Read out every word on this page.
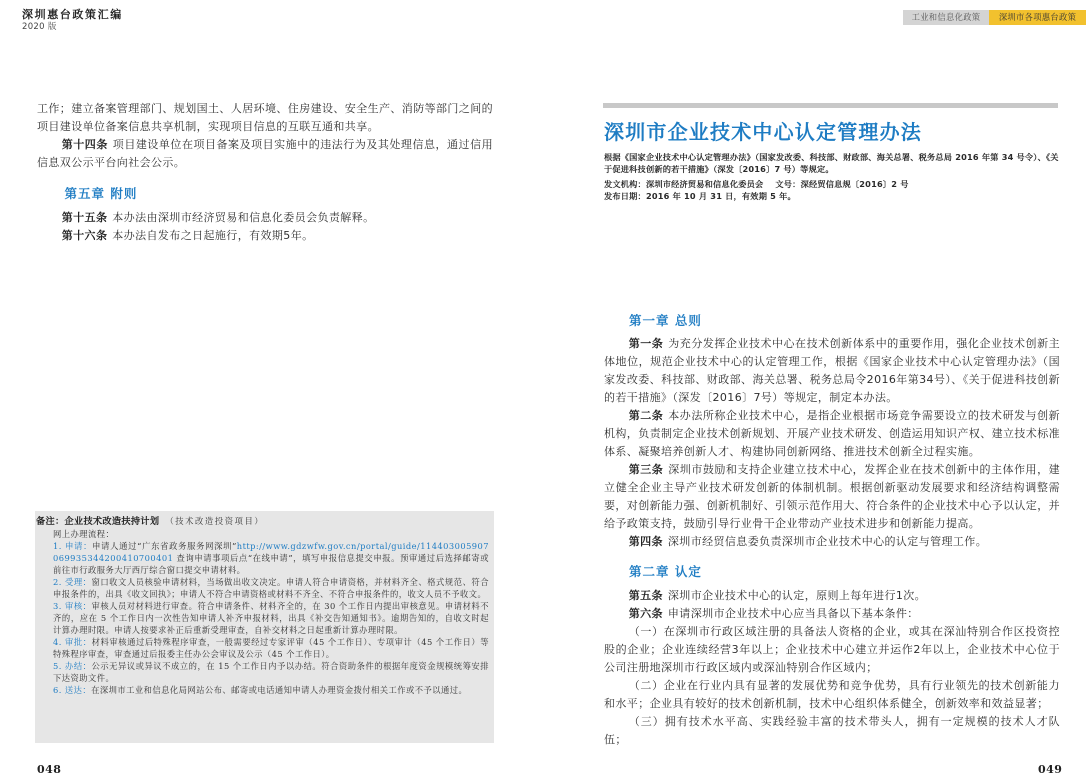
深圳惠台政策汇编
2020 版
工业和信息化政策	深圳市各项惠台政策

工作；建立备案管理部门、规划国土、人居环境、住房建设、安全生产、消防等部门之间的项目建设单位备案信息共享机制，实现项目信息的互联互通和共享。

第十四条 项目建设单位在项目备案及项目实施中的违法行为及其处理信息，通过信用信息双公示平台向社会公示。

第五章 附则

第十五条 本办法由深圳市经济贸易和信息化委员会负责解释。

第十六条 本办法自发布之日起施行，有效期5年。

备注：企业技术改造扶持计划 （技术改造投资项目）
网上办理流程：
1. 申请：申请人通过“广东省政务服务网深圳”http://www.gdzwfw.gov.cn/portal/guide/114403005907069935344200410700401 查询申请事项后点“在线申请”，填写申报信息提交申报。预审通过后选择邮寄或前往市行政服务大厅西厅综合窗口提交申请材料。
2. 受理：窗口收文人员核验申请材料，当场做出收文决定。申请人符合申请资格，并材料齐全、格式规范、符合申报条件的，出具《收文回执》；申请人不符合申请资格或材料不齐全、不符合申报条件的，收文人员不予收文。
3. 审核：审核人员对材料进行审查。符合申请条件、材料齐全的，在 30 个工作日内提出审核意见。申请材料不齐的，应在 5 个工作日内一次性告知申请人补齐申报材料，出具《补交告知通知书》。逾期告知的，自收文时起计算办理时限。申请人按要求补正后重新受理审查，自补交材料之日起重新计算办理时限。
4. 审批：材料审核通过后特殊程序审查，一般需要经过专家评审（45 个工作日）、专项审计（45 个工作日）等特殊程序审查，审查通过后报委主任办公会审议及公示（45 个工作日）。
5. 办结：公示无异议或异议不成立的，在 15 个工作日内予以办结。符合资助条件的根据年度资金规模统筹安排下达资助文件。
6. 送达：在深圳市工业和信息化局网站公布、邮寄或电话通知申请人办理资金拨付相关工作或不予以通过。
048
深圳市企业技术中心认定管理办法
根据《国家企业技术中心认定管理办法》（国家发改委、科技部、财政部、海关总署、税务总局 2016 年第 34 号令）、《关于促进科技创新的若干措施》（深发〔2016〕7 号）等规定。
发文机构：深圳市经济贸易和信息化委员会 文号：深经贸信息规〔2016〕2 号
发布日期：2016 年 10 月 31 日，有效期 5 年。
第一章 总则

第一条 为充分发挥企业技术中心在技术创新体系中的重要作用，强化企业技术创新主体地位，规范企业技术中心的认定管理工作，根据《国家企业技术中心认定管理办法》（国家发改委、科技部、财政部、海关总署、税务总局令2016年第34号）、《关于促进科技创新的若干措施》（深发〔2016〕7号）等规定，制定本办法。

第二条 本办法所称企业技术中心，是指企业根据市场竞争需要设立的技术研发与创新机构，负责制定企业技术创新规划、开展产业技术研发、创造运用知识产权、建立技术标准体系、凝聚培养创新人才、构建协同创新网络、推进技术创新全过程实施。

第三条 深圳市鼓励和支持企业建立技术中心，发挥企业在技术创新中的主体作用，建立健全企业主导产业技术研发创新的体制机制。根据创新驱动发展要求和经济结构调整需要，对创新能力强、创新机制好、引领示范作用大、符合条件的企业技术中心予以认定，并给予政策支持，鼓励引导行业骨干企业带动产业技术进步和创新能力提高。

第四条 深圳市经贸信息委负责深圳市企业技术中心的认定与管理工作。

第二章 认定

第五条 深圳市企业技术中心的认定，原则上每年进行1次。

第六条 申请深圳市企业技术中心应当具备以下基本条件：

（一）在深圳市行政区域注册的具备法人资格的企业，或其在深汕特别合作区投资控股的企业；企业连续经营3年以上；企业技术中心建立并运作2年以上，企业技术中心位于公司注册地深圳市行政区域内或深汕特别合作区域内；

（二）企业在行业内具有显著的发展优势和竞争优势，具有行业领先的技术创新能力和水平；企业具有较好的技术创新机制，技术中心组织体系健全，创新效率和效益显著；

（三）拥有技术水平高、实践经验丰富的技术带头人，拥有一定规模的技术人才队伍；

049
